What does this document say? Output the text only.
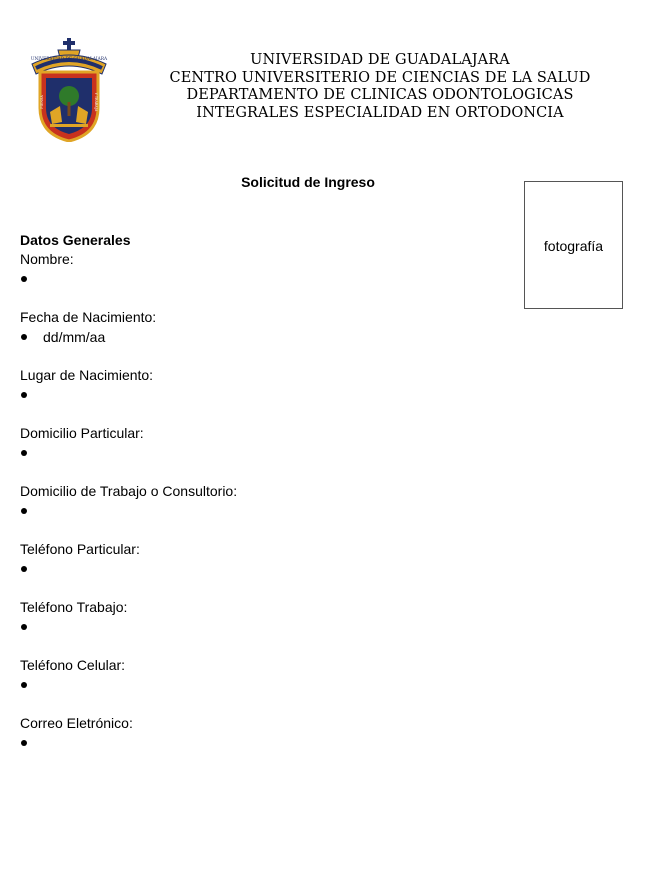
UNIVERSIDAD DE GUADALAJARA
PIENSA	Y TRABAJA
UNIVERSIDAD DE GUADALAJARA
CENTRO UNIVERSITERIO DE CIENCIAS DE LA SALUD
DEPARTAMENTO DE CLINICAS ODONTOLOGICAS
INTEGRALES ESPECIALIDAD EN ORTODONCIA
Solicitud de Ingreso
fotografía
Datos Generales
Nombre:
Fecha de Nacimiento:
dd/mm/aa
Lugar de Nacimiento:
Domicilio Particular:
Domicilio de Trabajo o Consultorio:
Teléfono Particular:
Teléfono Trabajo:
Teléfono Celular:
Correo Eletrónico:
